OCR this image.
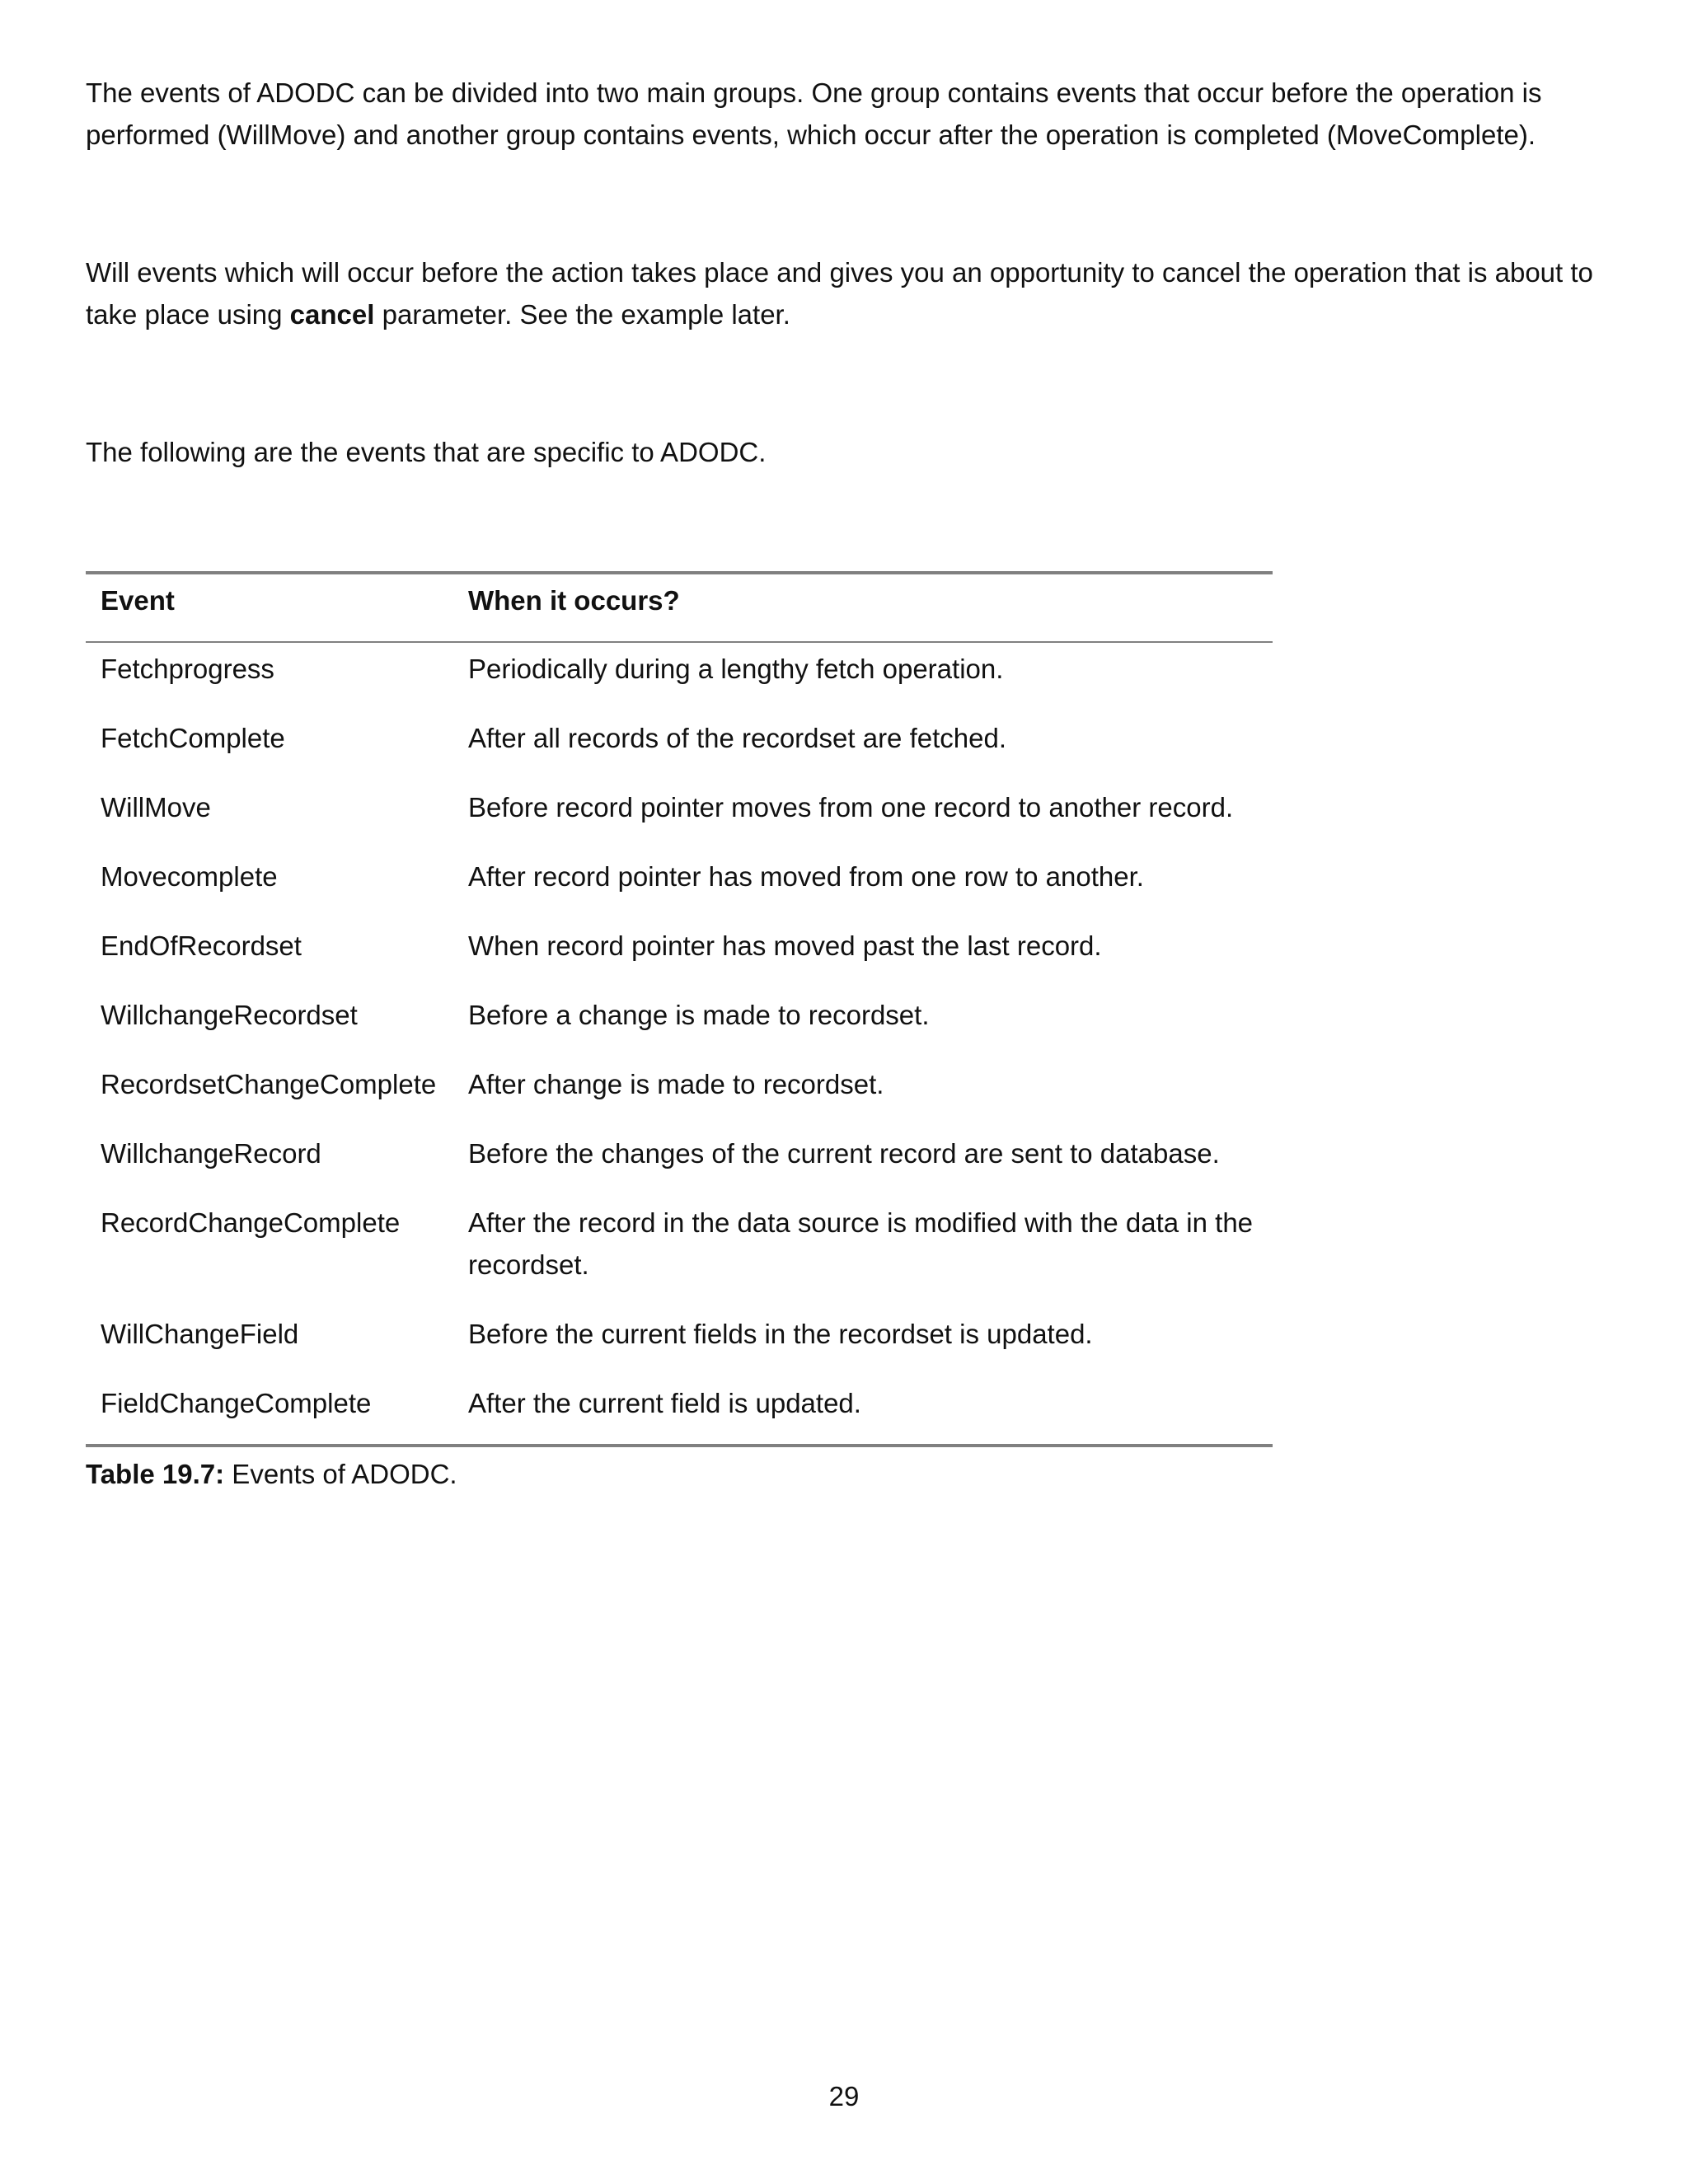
The events of ADODC can be divided into two main groups. One group contains events that occur before the operation is performed (WillMove) and another group contains events, which occur after the operation is completed (MoveComplete).

Will events which will occur before the action takes place and gives you an opportunity to cancel the operation that is about to take place using cancel parameter. See the example later.

The following are the events that are specific to ADODC.

Event	When it occurs?
Fetchprogress	Periodically during a lengthy fetch operation.
FetchComplete	After all records of the recordset are fetched.
WillMove	Before record pointer moves from one record to another record.
Movecomplete	After record pointer has moved from one row to another.
EndOfRecordset	When record pointer has moved past the last record.
WillchangeRecordset	Before a change is made to recordset.
RecordsetChangeComplete	After change is made to recordset.
WillchangeRecord	Before the changes of the current record are sent to database.
RecordChangeComplete	After the record in the data source is modified with the data in the recordset.
WillChangeField	Before the current fields in the recordset is updated.
FieldChangeComplete	After the current field is updated.

Table 19.7: Events of ADODC.

29
